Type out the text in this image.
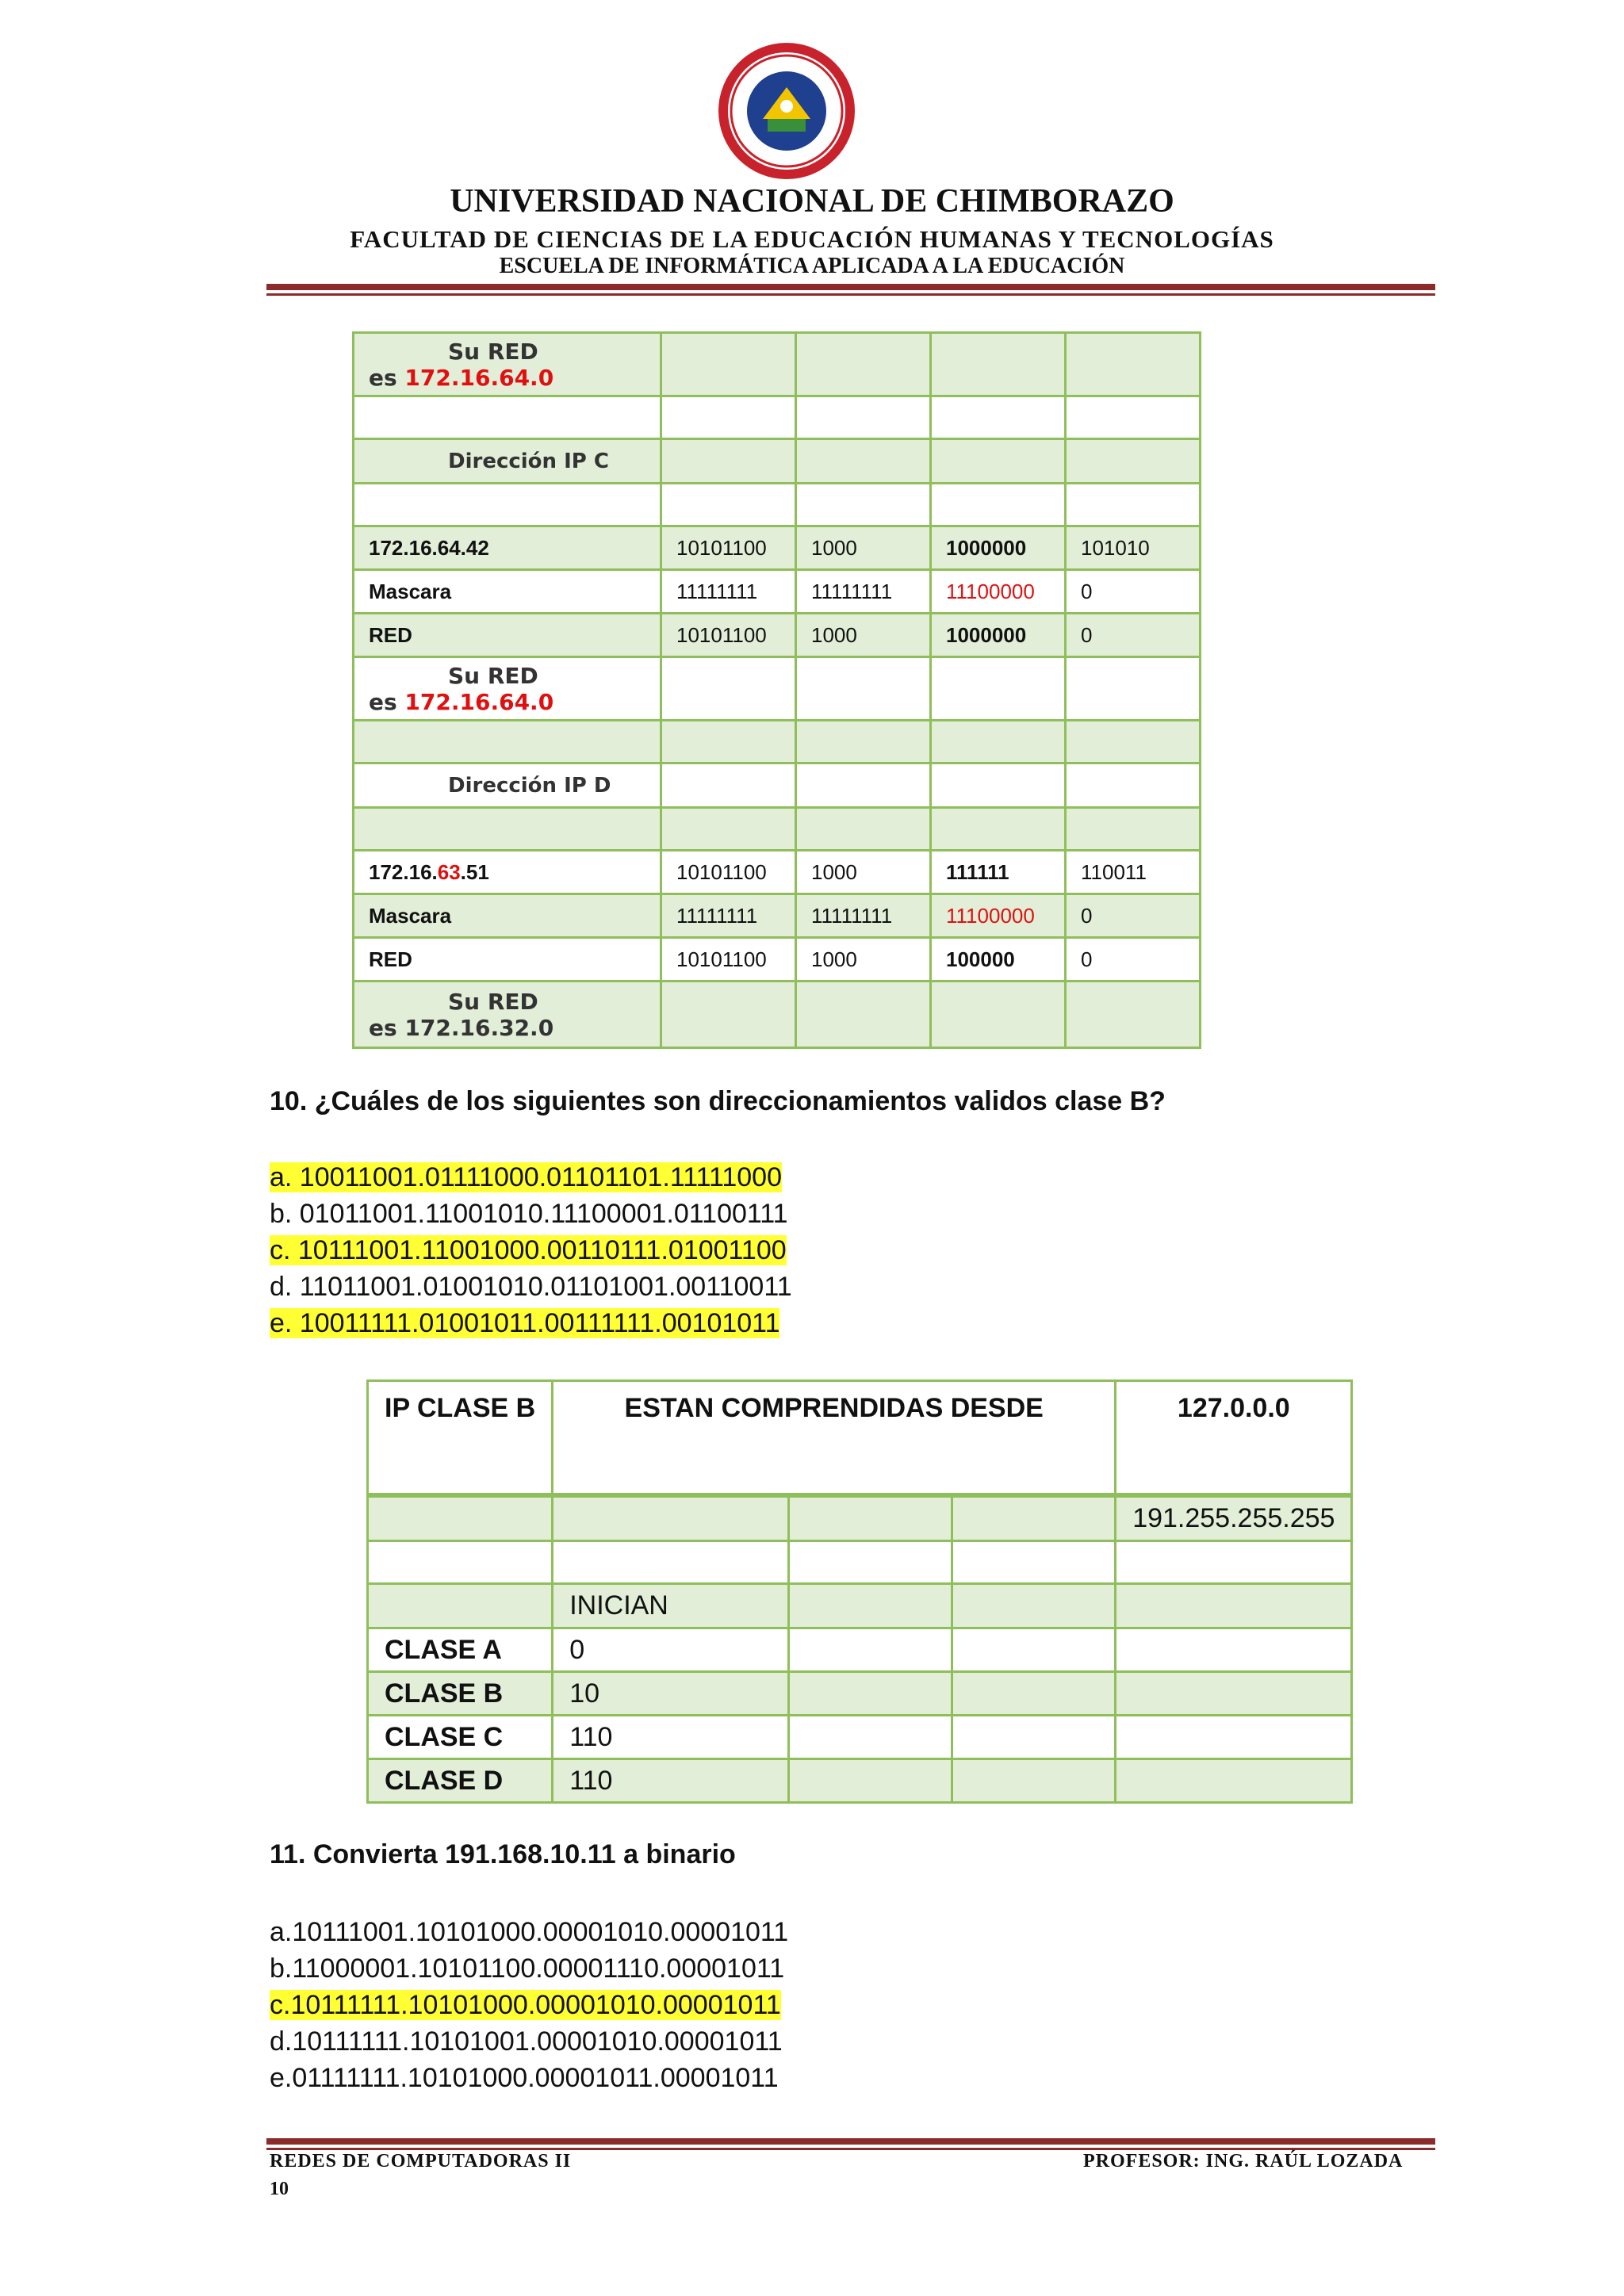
UNIVERSIDAD NACIONAL DE CHIMBORAZO
FACULTAD DE CIENCIAS DE LA EDUCACIÓN HUMANAS Y TECNOLOGÍAS
ESCUELA DE INFORMÁTICA APLICADA A LA EDUCACIÓN
Su RED
es 172.16.64.0				

Dirección IP C				

172.16.64.42	10101100	1000	1000000	101010
Mascara	11111111	11111111	11100000	0
RED	10101100	1000	1000000	0

Su RED
es 172.16.64.0				

Dirección IP D				

172.16.63.51	10101100	1000	111111	110011
Mascara	11111111	11111111	11100000	0
RED	10101100	1000	100000	0

Su RED
es 172.16.32.0				

10. ¿Cuáles de los siguientes son direccionamientos validos clase B?
a. 10011001.01111000.01101101.11111000
b. 01011001.11001010.11100001.01100111
c. 10111001.11001000.00110111.01001100
d. 11011001.01001010.01101001.00110011
e. 10011111.01001011.00111111.00101011
IP CLASE B	ESTAN COMPRENDIDAS DESDE			127.0.0.0
				191.255.255.255

	INICIAN			
CLASE A	0			
CLASE B	10			
CLASE C	110			
CLASE D	110			
11. Convierta 191.168.10.11 a binario
a.10111001.10101000.00001010.00001011
b.11000001.10101100.00001110.00001011
c.10111111.10101000.00001010.00001011
d.10111111.10101001.00001010.00001011
e.01111111.10101000.00001011.00001011
REDES DE COMPUTADORAS II	PROFESOR: ING. RAÚL LOZADA
10
